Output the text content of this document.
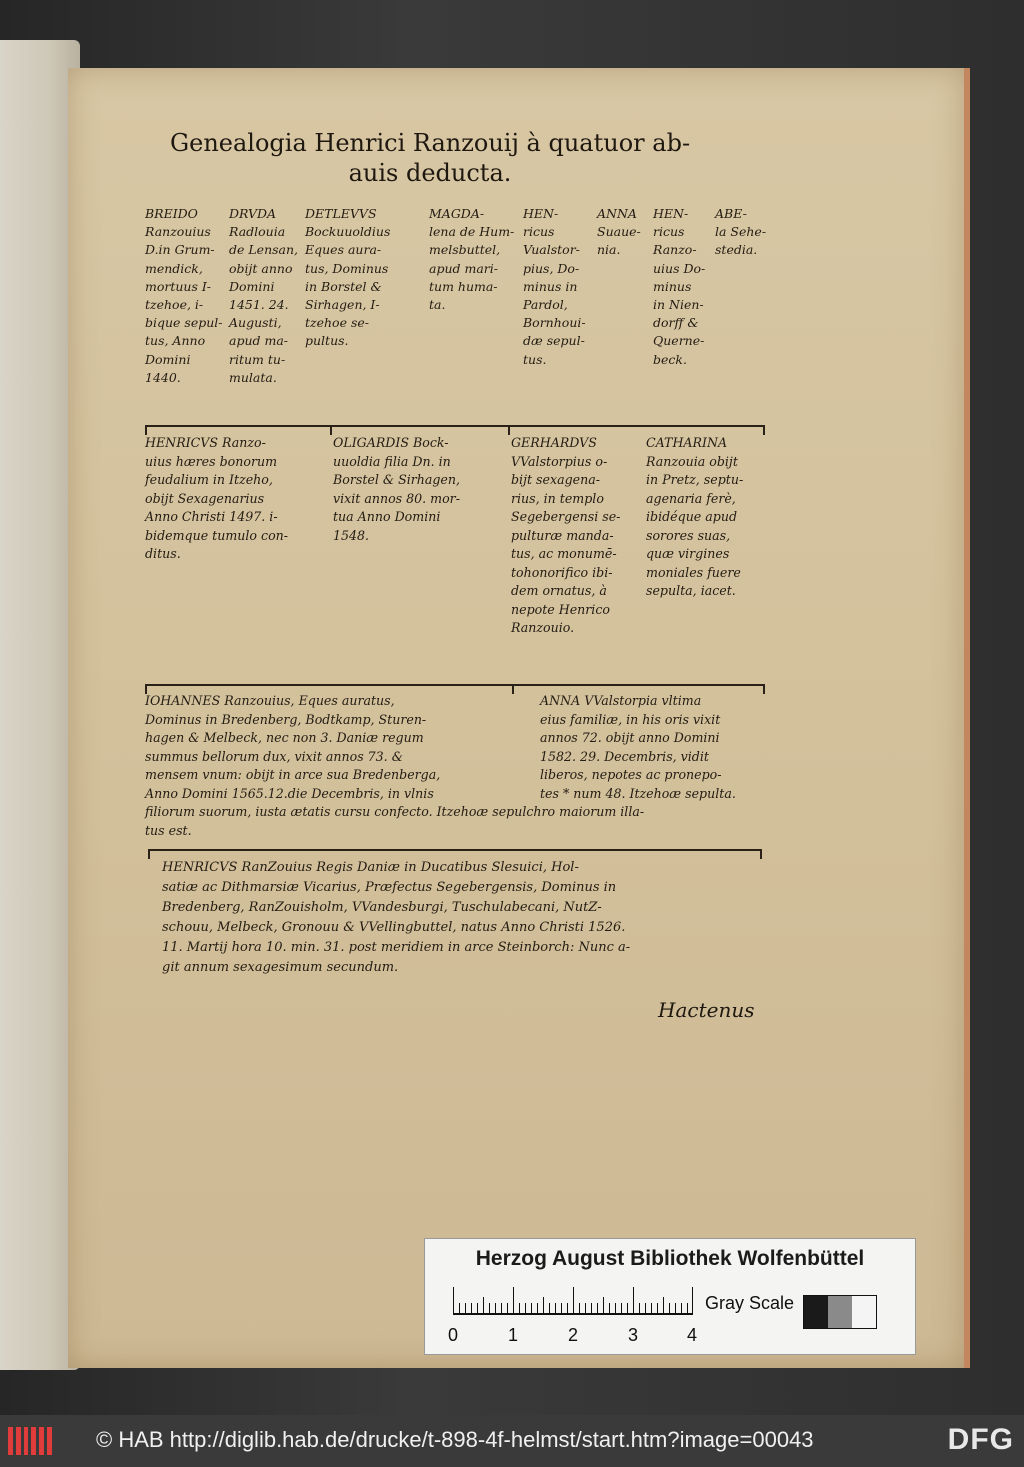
Genealogia Henrici Ranzouij à quatuor ab-
auis deducta.
BREIDO
Ranzouius
D.in Grum-
mendick,
mortuus I-
tzehoe, i-
bique sepul-
tus, Anno
Domini
1440.
DRVDA
Radlouia
de Lensan,
obijt anno
Domini
1451. 24.
Augusti,
apud ma-
ritum tu-
mulata.
DETLEVVS
Bockuuoldius
Eques aura-
tus, Dominus
in Borstel &
Sirhagen, I-
tzehoe se-
pultus.
MAGDA-
lena de Hum-
melsbuttel,
apud mari-
tum huma-
ta.
HEN-
ricus
Vualstor-
pius, Do-
minus in
Pardol,
Bornhoui-
dæ sepul-
tus.
ANNA
Suaue-
nia.
HEN-
ricus
Ranzo-
uius Do-
minus
in Nien-
dorff &
Querne-
beck.
ABE-
la Sehe-
stedia.
HENRICVS Ranzo-
uius hæres bonorum
feudalium in Itzeho,
obijt Sexagenarius
Anno Christi 1497. i-
bidemque tumulo con-
ditus.
OLIGARDIS Bock-
uuoldia filia Dn. in
Borstel & Sirhagen,
vixit annos 80. mor-
tua Anno Domini
1548.
GERHARDVS
VValstorpius o-
bijt sexagena-
rius, in templo
Segebergensi se-
pulturæ manda-
tus, ac monumē-
tohonorifico ibi-
dem ornatus, à
nepote Henrico
Ranzouio.
CATHARINA
Ranzouia obijt
in Pretz, septu-
agenaria ferè,
ibidéque apud
sorores suas,
quæ virgines
moniales fuere
sepulta, iacet.
IOHANNES Ranzouius, Eques auratus,
Dominus in Bredenberg, Bodtkamp, Sturen-
hagen & Melbeck, nec non 3. Daniæ regum
summus bellorum dux, vixit annos 73. &
mensem vnum: obijt in arce sua Bredenberga,
Anno Domini 1565.12.die Decembris, in vlnis
filiorum suorum, iusta ætatis cursu confecto. Itzehoæ sepulchro maiorum illa-
tus est.
ANNA VValstorpia vltima
eius familiæ, in his oris vixit
annos 72. obijt anno Domini
1582. 29. Decembris, vidit
liberos, nepotes ac pronepo-
tes * num 48. Itzehoæ sepulta.
HENRICVS RanZouius Regis Daniæ in Ducatibus Slesuici, Hol-
satiæ ac Dithmarsiæ Vicarius, Præfectus Segebergensis, Dominus in
Bredenberg, RanZouisholm, VVandesburgi, Tuschulabecani, NutZ-
schouu, Melbeck, Gronouu & VVellingbuttel, natus Anno Christi 1526.
11. Martij hora 10. min. 31. post meridiem in arce Steinborch: Nunc a-
git annum sexagesimum secundum.
Hactenus
Herzog August Bibliothek Wolfenbüttel
0	1	2	3	4
Gray Scale
© HAB http://diglib.hab.de/drucke/t-898-4f-helmst/start.htm?image=00043	DFG
